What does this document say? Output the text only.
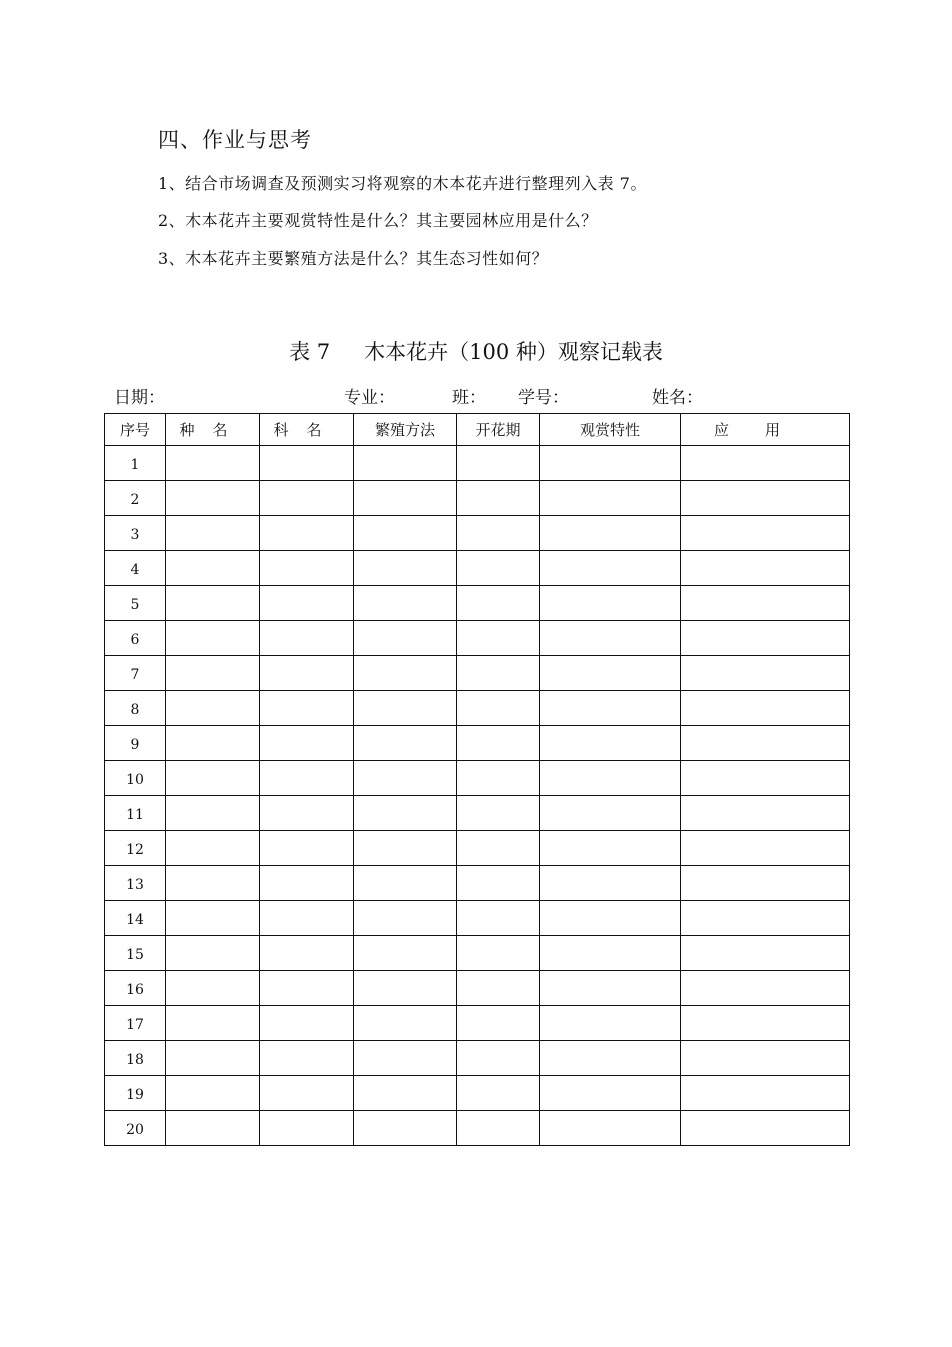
四、作业与思考
1、结合市场调查及预测实习将观察的木本花卉进行整理列入表 7。
2、木本花卉主要观赏特性是什么？其主要园林应用是什么？
3、木本花卉主要繁殖方法是什么？其生态习性如何？
表 7 木本花卉（100 种）观察记载表
日期：	专业：	班： 学号：	姓名：
序号	种名	科名	繁殖方法	开花期	观赏特性	应用
1						
2						
3						
4						
5						
6						
7						
8						
9						
10						
11						
12						
13						
14						
15						
16						
17						
18						
19						
20						
